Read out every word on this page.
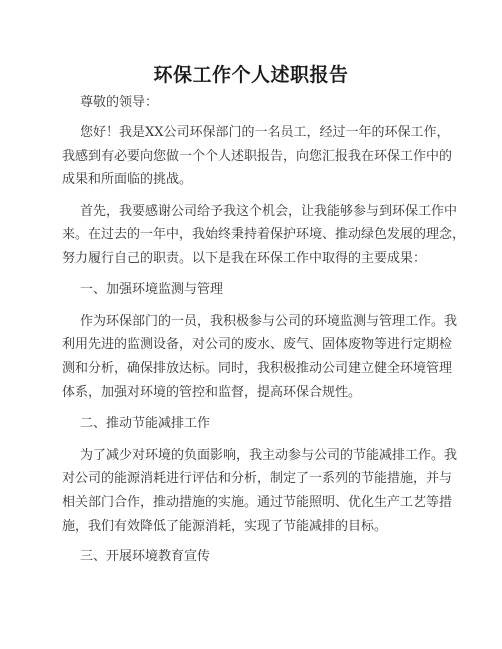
环保工作个人述职报告
尊敬的领导：
您好！我是XX公司环保部门的一名员工，经过一年的环保工作，
我感到有必要向您做一个个人述职报告，向您汇报我在环保工作中的
成果和所面临的挑战。
首先，我要感谢公司给予我这个机会，让我能够参与到环保工作中
来。在过去的一年中，我始终秉持着保护环境、推动绿色发展的理念，
努力履行自己的职责。以下是我在环保工作中取得的主要成果：
一、加强环境监测与管理
作为环保部门的一员，我积极参与公司的环境监测与管理工作。我
利用先进的监测设备，对公司的废水、废气、固体废物等进行定期检
测和分析，确保排放达标。同时，我积极推动公司建立健全环境管理
体系，加强对环境的管控和监督，提高环保合规性。
二、推动节能减排工作
为了减少对环境的负面影响，我主动参与公司的节能减排工作。我
对公司的能源消耗进行评估和分析，制定了一系列的节能措施，并与
相关部门合作，推动措施的实施。通过节能照明、优化生产工艺等措
施，我们有效降低了能源消耗，实现了节能减排的目标。
三、开展环境教育宣传
